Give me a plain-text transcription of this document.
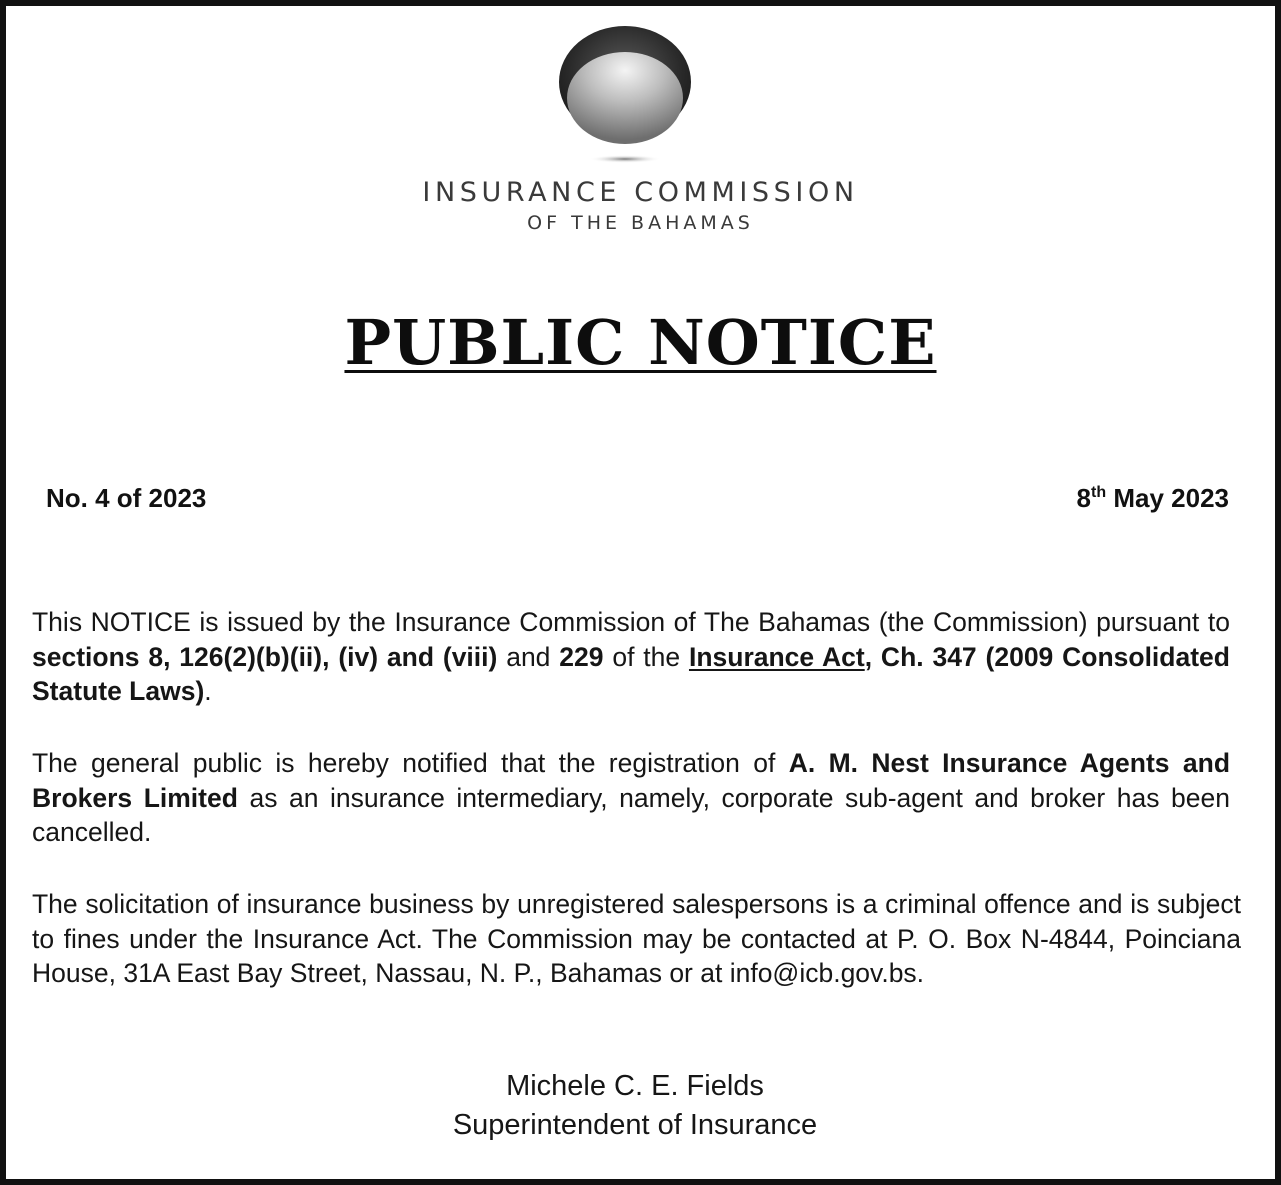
INSURANCE COMMISSION
OF THE BAHAMAS
PUBLIC NOTICE
No. 4 of 2023	8th May 2023
This NOTICE is issued by the Insurance Commission of The Bahamas (the Commission) pursuant to sections 8, 126(2)(b)(ii), (iv) and (viii) and 229 of the Insurance Act, Ch. 347 (2009 Consolidated Statute Laws).
The general public is hereby notified that the registration of A. M. Nest Insurance Agents and Brokers Limited as an insurance intermediary, namely, corporate sub-agent and broker has been cancelled.
The solicitation of insurance business by unregistered salespersons is a criminal offence and is subject to fines under the Insurance Act. The Commission may be contacted at P. O. Box N-4844, Poinciana House, 31A East Bay Street, Nassau, N. P., Bahamas or at info@icb.gov.bs.
Michele C. E. Fields
Superintendent of Insurance
